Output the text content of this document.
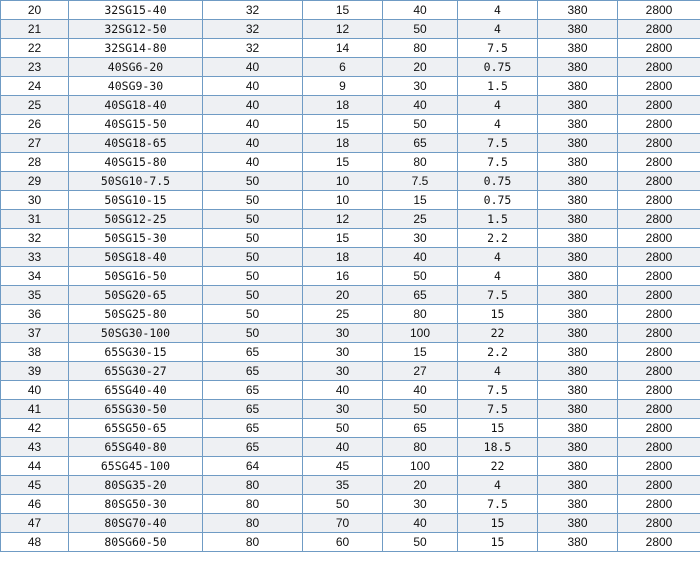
20	32SG15-40	32	15	40	4	380	2800
21	32SG12-50	32	12	50	4	380	2800
22	32SG14-80	32	14	80	7.5	380	2800
23	40SG6-20	40	6	20	0.75	380	2800
24	40SG9-30	40	9	30	1.5	380	2800
25	40SG18-40	40	18	40	4	380	2800
26	40SG15-50	40	15	50	4	380	2800
27	40SG18-65	40	18	65	7.5	380	2800
28	40SG15-80	40	15	80	7.5	380	2800
29	50SG10-7.5	50	10	7.5	0.75	380	2800
30	50SG10-15	50	10	15	0.75	380	2800
31	50SG12-25	50	12	25	1.5	380	2800
32	50SG15-30	50	15	30	2.2	380	2800
33	50SG18-40	50	18	40	4	380	2800
34	50SG16-50	50	16	50	4	380	2800
35	50SG20-65	50	20	65	7.5	380	2800
36	50SG25-80	50	25	80	15	380	2800
37	50SG30-100	50	30	100	22	380	2800
38	65SG30-15	65	30	15	2.2	380	2800
39	65SG30-27	65	30	27	4	380	2800
40	65SG40-40	65	40	40	7.5	380	2800
41	65SG30-50	65	30	50	7.5	380	2800
42	65SG50-65	65	50	65	15	380	2800
43	65SG40-80	65	40	80	18.5	380	2800
44	65SG45-100	64	45	100	22	380	2800
45	80SG35-20	80	35	20	4	380	2800
46	80SG50-30	80	50	30	7.5	380	2800
47	80SG70-40	80	70	40	15	380	2800
48	80SG60-50	80	60	50	15	380	2800
